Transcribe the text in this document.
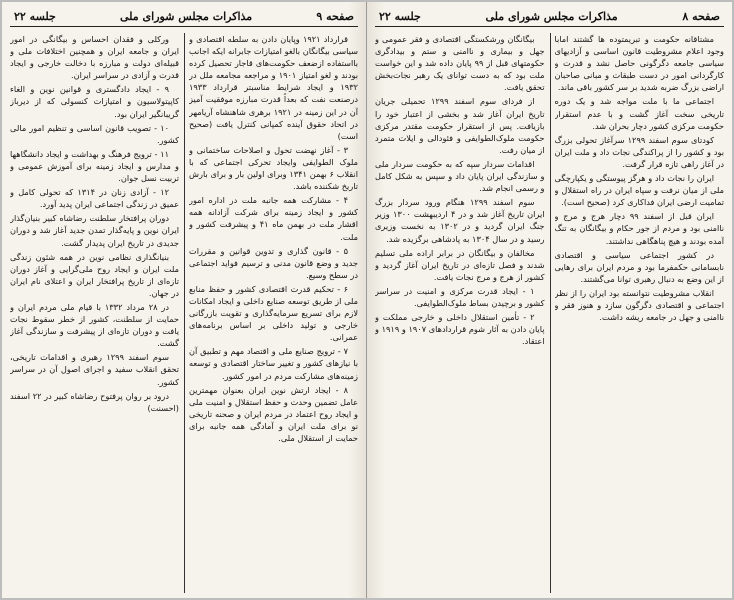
صفحه ۹
مذاکرات مجلس شورای ملی
جلسه ۲۲

قرارداد ۱۹۲۱ وپایان دادن به سلطه اقتصادی و سیاسی بیگانگان بالغو امتیازات جابرانه ایکه اجانب بااستفاده ازضعف حکومت‌های قاجار تحصیل کرده بودند و لغو امتیاز ۱۹۰۱ و مراجعه مجامعه ملل در ۱۹۳۲ و ایجاد شرایط مناسبتر قرارداد ۱۹۳۳ درصنعت نفت که بعداً قدرت مبارزه موفقیت آمیز آن در این زمینه در ۱۹۲۱ برهری شاهنشاه آریامهر در اتحاد حقوق آینده کمپانی کنترل یافت (صحیح است)

۳ - آغاز نهضت تحول و اصلاحات ساختمانی و ملوک الطوایفی وایجاد تحرکی اجتماعی که با انقلاب ۶ بهمن ۱۳۴۱ وبرای اولین بار و برای بارش تاریخ شکننده باشد.

۴ - مشارکت همه جانبه ملت در اداره امور کشور و ایجاد زمینه برای شرکت آزادانه همه اقشار ملت در بهمن ماه ۴۱ و پیشرفت کشور و ملت.

۵ - قانون گذاری و تدوین قوانین و مقررات جدید و وضع قانون مدنی و ترسیم فواید اجتماعی در سطح وسیع.

۶ - تحکیم قدرت اقتصادی کشور و حفظ منابع ملی از طریق توسعه صنایع داخلی و ایجاد امکانات لازم برای تسریع سرمایه‌گذاری و تقویت بازرگانی خارجی و تولید داخلی بر اساس برنامه‌های عمرانی.

۷ - ترویج صنایع ملی و اقتصاد مهم و تطبیق آن با نیازهای کشور و تغییر ساختار اقتصادی و توسعه زمینه‌های مشارکت مردم در امور کشور.

۸ - ایجاد ارتش نوین ایران بعنوان مهمترین عامل تضمین وحدت و حفظ استقلال و امنیت ملی و ایجاد روح اعتماد در مردم ایران و صحنه تاریخی نو برای ملت ایران و آمادگی همه جانبه برای حمایت از استقلال ملی.

ورکلی و فقدان احساس و بیگانگی در امور ایران و جامعه ایران و همچنین اختلافات ملی و قبیله‌ای دولت و مبارزه با دخالت خارجی و ایجاد قدرت و آزادی در سراسر ایران.

۹ - ایجاد دادگستری و قوانین نوین و الغاء کاپیتولاسیون و امتیازات کنسولی که از دیرباز گریبانگیر ایران بود.

۱۰ - تصویب قانون اساسی و تنظیم امور مالی کشور.

۱۱ - ترویج فرهنگ و بهداشت و ایجاد دانشگاهها و مدارس و ایجاد زمینه برای آموزش عمومی و تربیت نسل جوان.

۱۲ - آزادی زنان در ۱۳۱۴ که تحولی کامل و عمیق در زندگی اجتماعی ایران پدید آورد.

دوران پرافتخار سلطنت رضاشاه کبیر بنیان‌گذار ایران نوین و پایه‌گذار تمدن جدید آغاز شد و دوران جدیدی در تاریخ ایران پدیدار گشت.

بنیانگذاری نظامی نوین در همه شئون زندگی ملت ایران و ایجاد روح ملی‌گرایی و آغاز دوران تازه‌ای از تاریخ پرافتخار ایران و اعتلای نام ایران در جهان.

در ۲۸ مرداد ۱۳۳۲ با قیام ملی مردم ایران و حمایت از سلطنت، کشور از خطر سقوط نجات یافت و دوران تازه‌ای از پیشرفت و سازندگی آغاز گشت.

سوم اسفند ۱۲۹۹ رهبری و اقدامات تاریخی، تحقق انقلاب سفید و اجرای اصول آن در سراسر کشور.

درود بر روان پرفتوح رضاشاه کبیر در ۲۲ اسفند (احسنت)

صفحه ۸
مذاکرات مجلس شورای ملی
جلسه ۲۲

مشتاقانه حکومت و تبریمتوده ها گشتند امابا وجود اعلام مشروطیت قانون اساسی و آزادیهای سیاسی جامعه دگرگونی حاصل نشد و قدرت و کارگردانی امور در دست طبقات و مبانی صاحبان اراضی بزرگ ضربه شدید بر سر کشور باقی ماند.

اجتماعی ما با ملت مواجه شد و یک دوره تاریخی سخت آغاز گشت و با عدم استقرار حکومت مرکزی کشور دچار بحران شد.

کودتای سوم اسفند ۱۲۹۹ سرآغاز تحولی بزرگ بود و کشور را از پراکندگی نجات داد و ملت ایران در آغاز راهی تازه قرار گرفت.

ایران را نجات داد و هرگز پیوستگی و یکپارچگی ملی از میان نرفت و سپاه ایران در راه استقلال و تمامیت ارضی ایران فداکاری کرد (صحیح است).

ایران قبل از اسفند ۹۹ دچار هرج و مرج و ناامنی بود و مردم از جور حکام و بیگانگان به تنگ آمده بودند و هیچ پناهگاهی نداشتند.

در کشور اجتماعی سیاسی و اقتصادی نابسامانی حکمفرما بود و مردم ایران برای رهایی از این وضع به دنبال رهبری توانا می‌گشتند.

انقلاب مشروطیت نتوانسته بود ایران را از نظر اجتماعی و اقتصادی دگرگون سازد و هنوز فقر و ناامنی و جهل در جامعه ریشه داشت.

بیگانگان ورشکستگی اقتصادی و فقر عمومی و جهل و بیماری و ناامنی و ستم و بیدادگری حکومتهای قبل از ۹۹ پایان داده شد و این خواست ملت بود که به دست توانای یک رهبر نجات‌بخش تحقق یافت.

از فردای سوم اسفند ۱۲۹۹ تحمیلی جریان تاریخ ایران آغاز شد و بخشی از اعتبار خود را بازیافت. پس از استقرار حکومت مقتدر مرکزی حکومت ملوک‌الطوایفی و فئودالی و ایلات متمرد از میان رفت.

اقدامات سردار سپه که به حکومت سردار ملی و سازندگی ایران پایان داد و سپس به شکل کامل و رسمی انجام شد.

سوم اسفند ۱۲۹۹ هنگام ورود سردار بزرگ ایران تاریخ آغاز شد و در ۴ اردیبهشت ۱۳۰۰ وزیر جنگ ایران گردید و در ۱۳۰۲ به نخست وزیری رسید و در سال ۱۳۰۴ به پادشاهی برگزیده شد.

مخالفان و بیگانگان در برابر اراده ملی تسلیم شدند و فصل تازه‌ای در تاریخ ایران آغاز گردید و کشور از هرج و مرج نجات یافت.

۱ - ایجاد قدرت مرکزی و امنیت در سراسر کشور و برچیدن بساط ملوک‌الطوایفی.

۲ - تأمین استقلال داخلی و خارجی مملکت و پایان دادن به آثار شوم قراردادهای ۱۹۰۷ و ۱۹۱۹ و اعتقاد.
